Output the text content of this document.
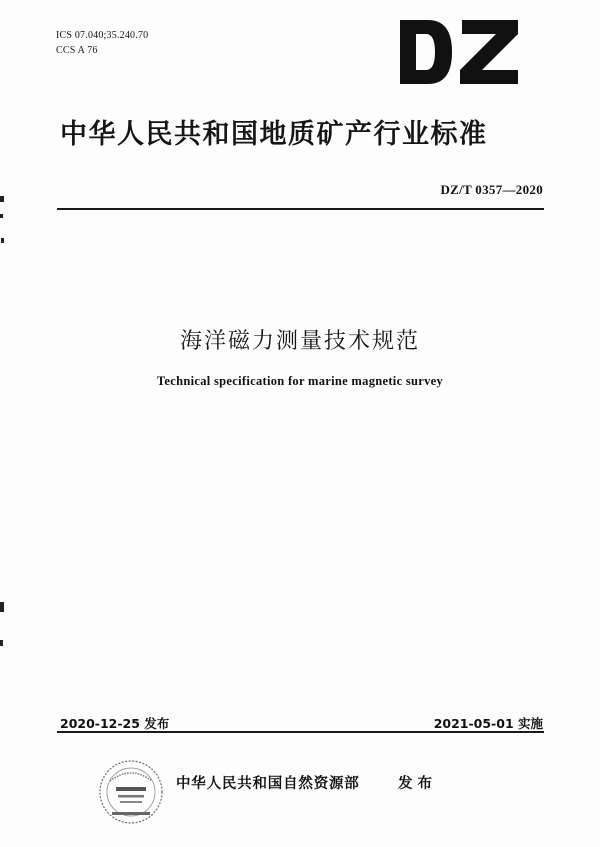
ICS 07.040;35.240.70
CCS A 76
中华人民共和国地质矿产行业标准
DZ/T 0357—2020
海洋磁力测量技术规范
Technical specification for marine magnetic survey
2020-12-25 发布	2021-05-01 实施
中华人民共和国自然资源部	发布
